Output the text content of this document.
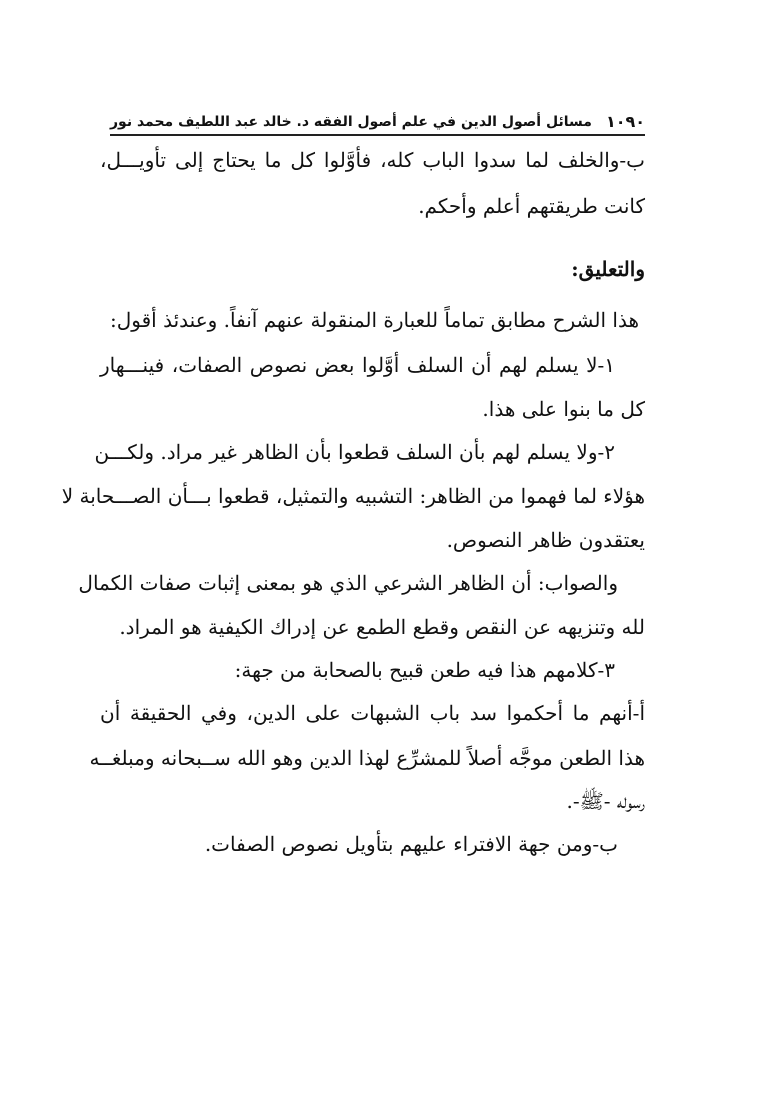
١٠٩٠
مسائل أصول الدين في علم أصول الفقه د. خالد عبد اللطيف محمد نور
ب-والخلف لما سدوا الباب كله، فأوَّلوا كل ما يحتاج إلى تأويـــل،
كانت طريقتهم أعلم وأحكم.
والتعليق:
هذا الشرح مطابق تماماً للعبارة المنقولة عنهم آنفاً. وعندئذ أقول:
١-لا يسلم لهم أن السلف أوَّلوا بعض نصوص الصفات، فينـــهار
كل ما بنوا على هذا.
٢-ولا يسلم لهم بأن السلف قطعوا بأن الظاهر غير مراد. ولكـــن
هؤلاء لما فهموا من الظاهر: التشبيه والتمثيل، قطعوا بـــأن الصـــحابة لا
يعتقدون ظاهر النصوص.
والصواب: أن الظاهر الشرعي الذي هو بمعنى إثبات صفات الكمال
لله وتنزيهه عن النقص وقطع الطمع عن إدراك الكيفية هو المراد.
٣-كلامهم هذا فيه طعن قبيح بالصحابة من جهة:
أ-أنهم ما أحكموا سد باب الشبهات على الدين، وفي الحقيقة أن
هذا الطعن موجَّه أصلاً للمشرِّع لهذا الدين وهو الله ســبحانه ومبلغــه
رسوله -ﷺ-.
ب-ومن جهة الافتراء عليهم بتأويل نصوص الصفات.
